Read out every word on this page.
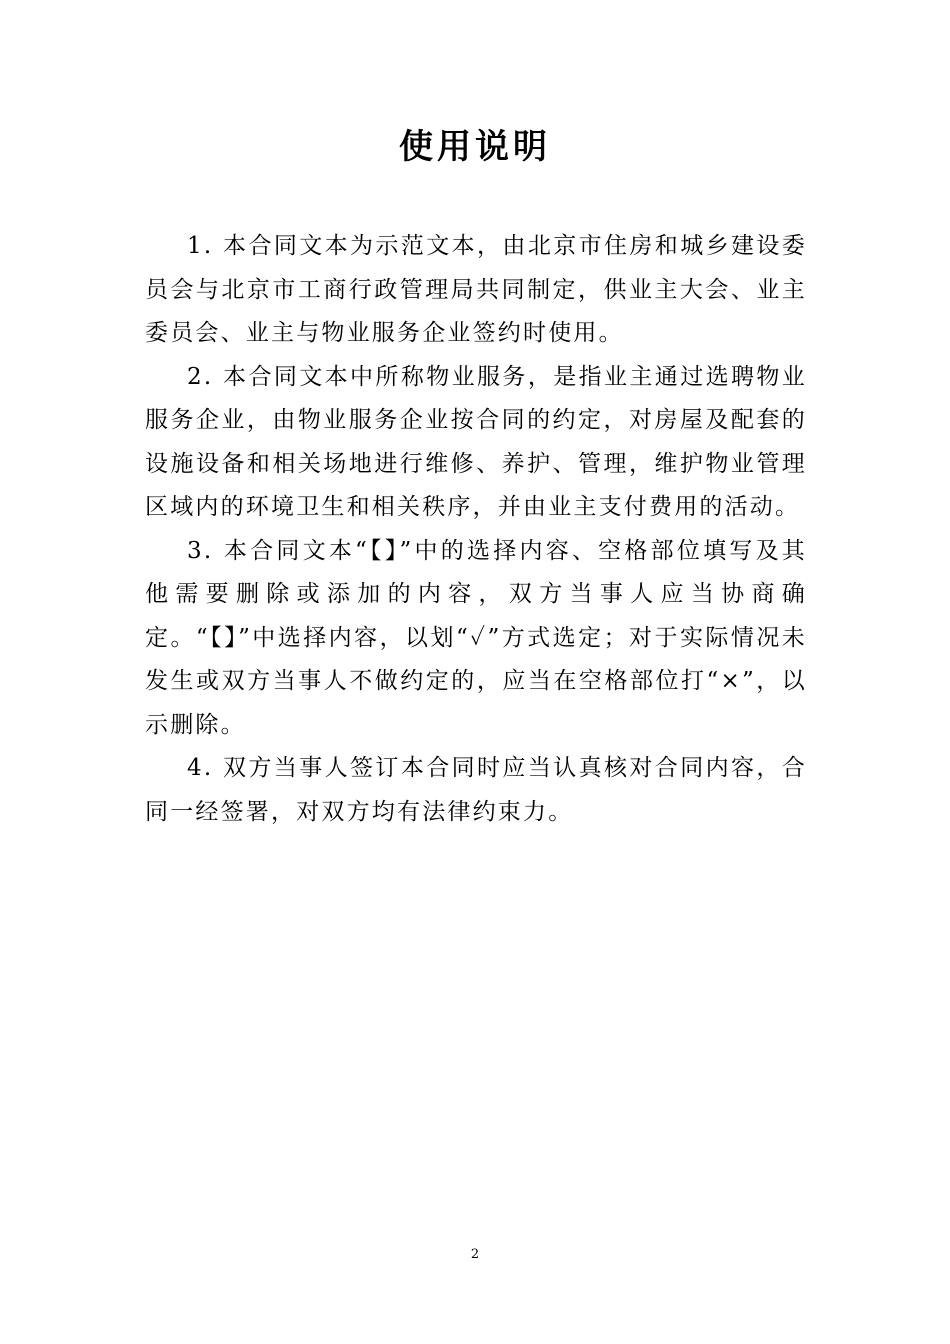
使用说明

1. 本合同文本为示范文本，由北京市住房和城乡建设委员会与北京市工商行政管理局共同制定，供业主大会、业主委员会、业主与物业服务企业签约时使用。

2. 本合同文本中所称物业服务，是指业主通过选聘物业服务企业，由物业服务企业按合同的约定，对房屋及配套的设施设备和相关场地进行维修、养护、管理，维护物业管理区域内的环境卫生和相关秩序，并由业主支付费用的活动。

3. 本合同文本“【】”中的选择内容、空格部位填写及其他需要删除或添加的内容，双方当事人应当协商确定。“【】”中选择内容，以划“✓”方式选定；对于实际情况未发生或双方当事人不做约定的，应当在空格部位打“×”，以示删除。

4. 双方当事人签订本合同时应当认真核对合同内容，合同一经签署，对双方均有法律约束力。

2
